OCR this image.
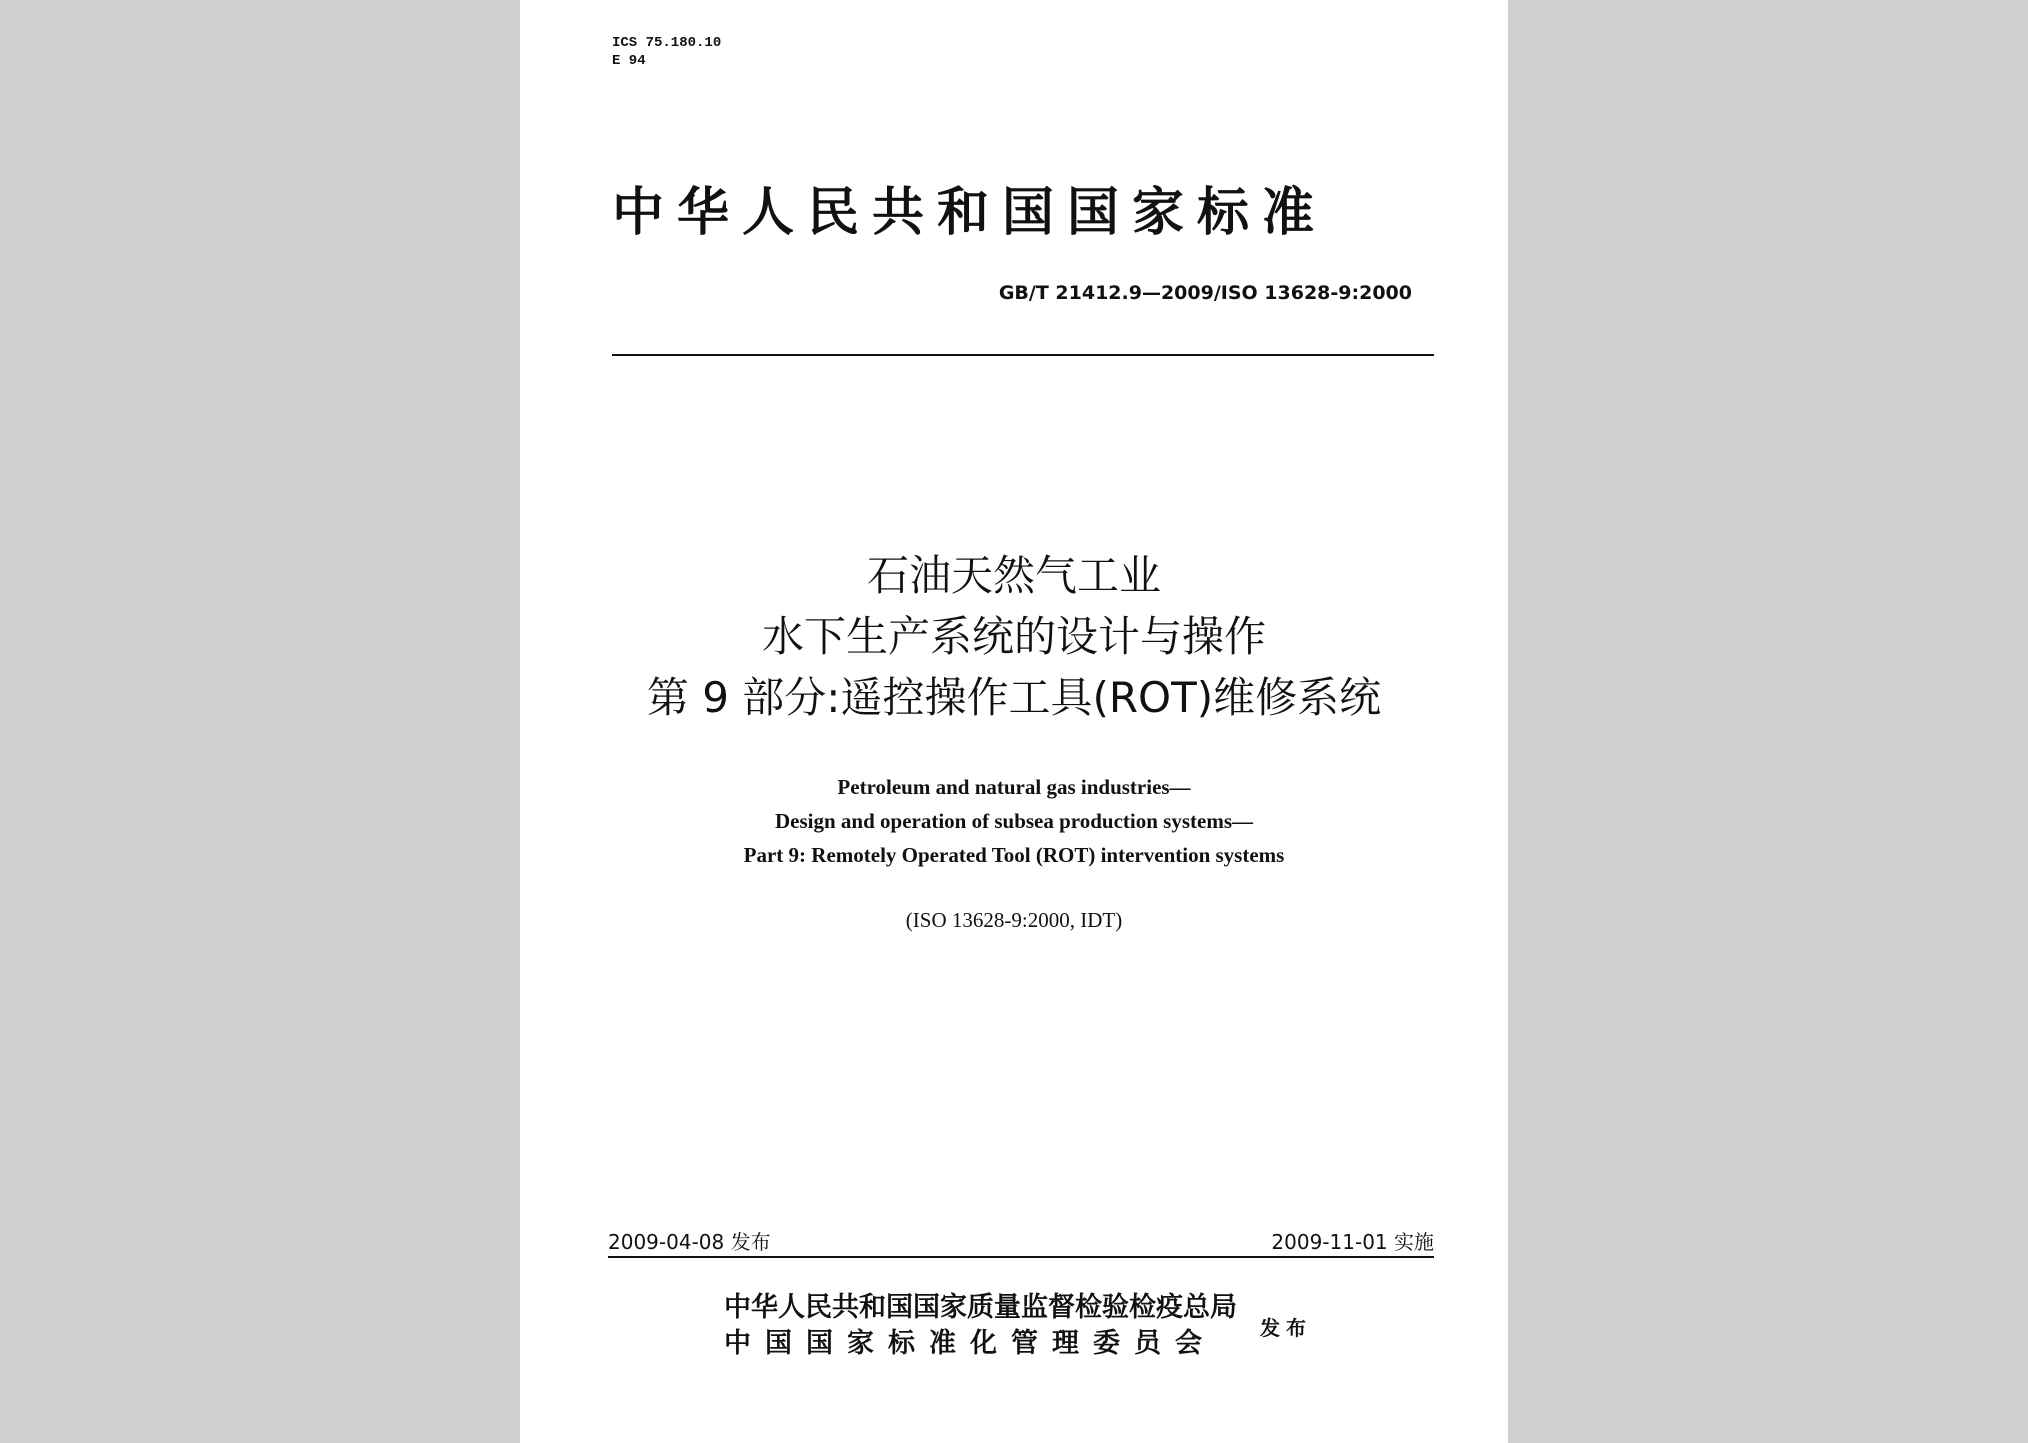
ICS 75.180.10
E 94
中华人民共和国国家标准
GB/T 21412.9—2009/ISO 13628-9:2000
石油天然气工业
水下生产系统的设计与操作
第 9 部分:遥控操作工具(ROT)维修系统
Petroleum and natural gas industries—
Design and operation of subsea production systems—
Part 9: Remotely Operated Tool (ROT) intervention systems
(ISO 13628-9:2000, IDT)
2009-04-08 发布	2009-11-01 实施
中华人民共和国国家质量监督检验检疫总局
中国国家标准化管理委员会	发布
